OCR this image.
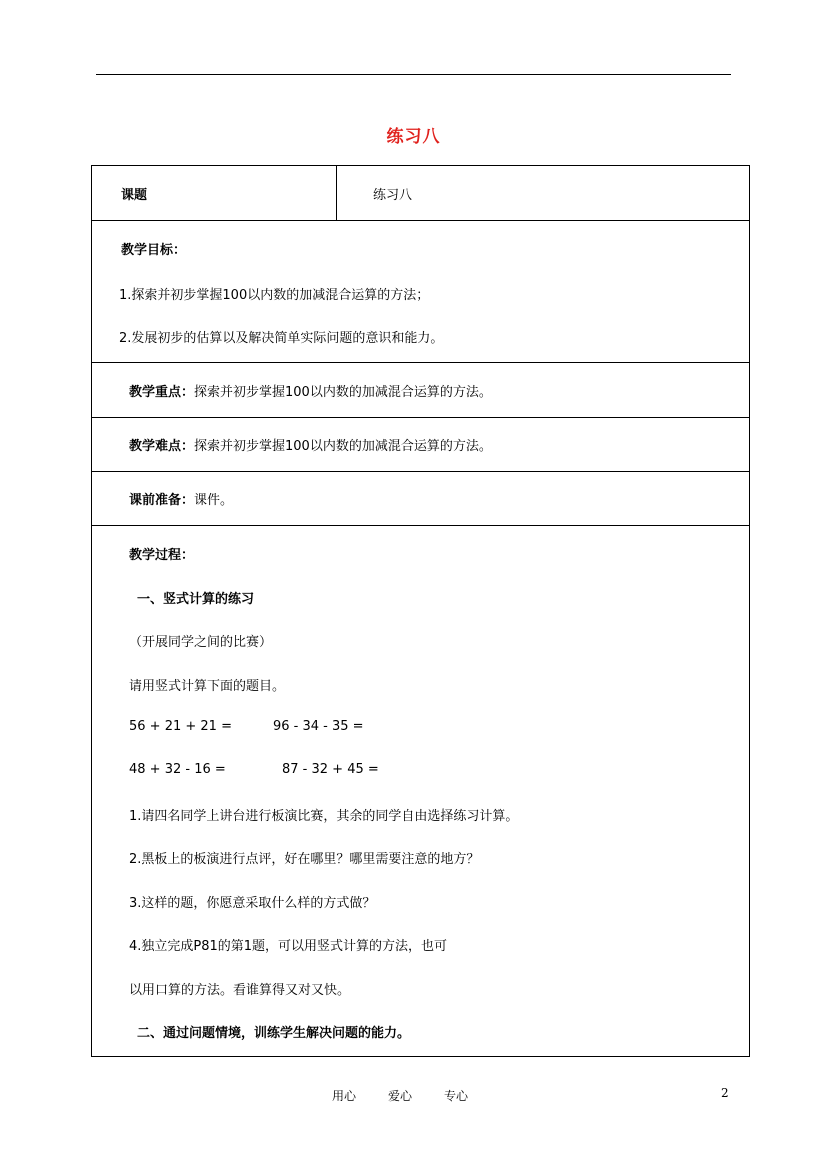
练习八
课题	练习八

教学目标：
1.探索并初步掌握100以内数的加减混合运算的方法；
2.发展初步的估算以及解决简单实际问题的意识和能力。

教学重点：探索并初步掌握100以内数的加减混合运算的方法。

教学难点：探索并初步掌握100以内数的加减混合运算的方法。

课前准备：课件。

教学过程：
一、竖式计算的练习
（开展同学之间的比赛）
请用竖式计算下面的题目。
56 + 21 + 21 =	96 ‐ 34 ‐ 35 =
48 + 32 ‐ 16 =	87 ‐ 32 + 45 =
1.请四名同学上讲台进行板演比赛，其余的同学自由选择练习计算。
2.黑板上的板演进行点评，好在哪里？哪里需要注意的地方？
3.这样的题，你愿意采取什么样的方式做？
4.独立完成P81的第1题，可以用竖式计算的方法，也可
以用口算的方法。看谁算得又对又快。
二、通过问题情境，训练学生解决问题的能力。
用心	爱心	专心	2
